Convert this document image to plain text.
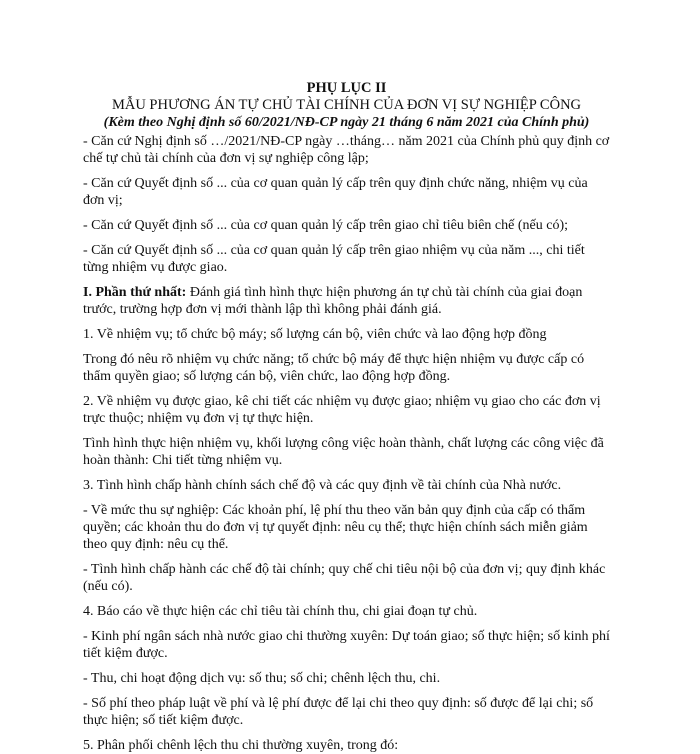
PHỤ LỤC II

MẪU PHƯƠNG ÁN TỰ CHỦ TÀI CHÍNH CỦA ĐƠN VỊ SỰ NGHIỆP CÔNG

(Kèm theo Nghị định số 60/2021/NĐ-CP ngày 21 tháng 6 năm 2021 của Chính phủ)

- Căn cứ Nghị định số …/2021/NĐ-CP ngày …tháng… năm 2021 của Chính phủ quy định cơ chế tự chủ tài chính của đơn vị sự nghiệp công lập;

- Căn cứ Quyết định số ... của cơ quan quản lý cấp trên quy định chức năng, nhiệm vụ của đơn vị;

- Căn cứ Quyết định số ... của cơ quan quản lý cấp trên giao chỉ tiêu biên chế (nếu có);

- Căn cứ Quyết định số ... của cơ quan quản lý cấp trên giao nhiệm vụ của năm ..., chi tiết từng nhiệm vụ được giao.

I. Phần thứ nhất: Đánh giá tình hình thực hiện phương án tự chủ tài chính của giai đoạn trước, trường hợp đơn vị mới thành lập thì không phải đánh giá.

1. Về nhiệm vụ; tổ chức bộ máy; số lượng cán bộ, viên chức và lao động hợp đồng

Trong đó nêu rõ nhiệm vụ chức năng; tổ chức bộ máy để thực hiện nhiệm vụ được cấp có thẩm quyền giao; số lượng cán bộ, viên chức, lao động hợp đồng.

2. Về nhiệm vụ được giao, kê chi tiết các nhiệm vụ được giao; nhiệm vụ giao cho các đơn vị trực thuộc; nhiệm vụ đơn vị tự thực hiện.

Tình hình thực hiện nhiệm vụ, khối lượng công việc hoàn thành, chất lượng các công việc đã hoàn thành: Chi tiết từng nhiệm vụ.

3. Tình hình chấp hành chính sách chế độ và các quy định về tài chính của Nhà nước.

- Về mức thu sự nghiệp: Các khoản phí, lệ phí thu theo văn bản quy định của cấp có thẩm quyền; các khoản thu do đơn vị tự quyết định: nêu cụ thể; thực hiện chính sách miễn giảm theo quy định: nêu cụ thể.

- Tình hình chấp hành các chế độ tài chính; quy chế chi tiêu nội bộ của đơn vị; quy định khác (nếu có).

4. Báo cáo về thực hiện các chỉ tiêu tài chính thu, chi giai đoạn tự chủ.

- Kinh phí ngân sách nhà nước giao chi thường xuyên: Dự toán giao; số thực hiện; số kinh phí tiết kiệm được.

- Thu, chi hoạt động dịch vụ: số thu; số chi; chênh lệch thu, chi.

- Số phí theo pháp luật về phí và lệ phí được để lại chi theo quy định: số được để lại chi; số thực hiện; số tiết kiệm được.

5. Phân phối chênh lệch thu chi thường xuyên, trong đó:
